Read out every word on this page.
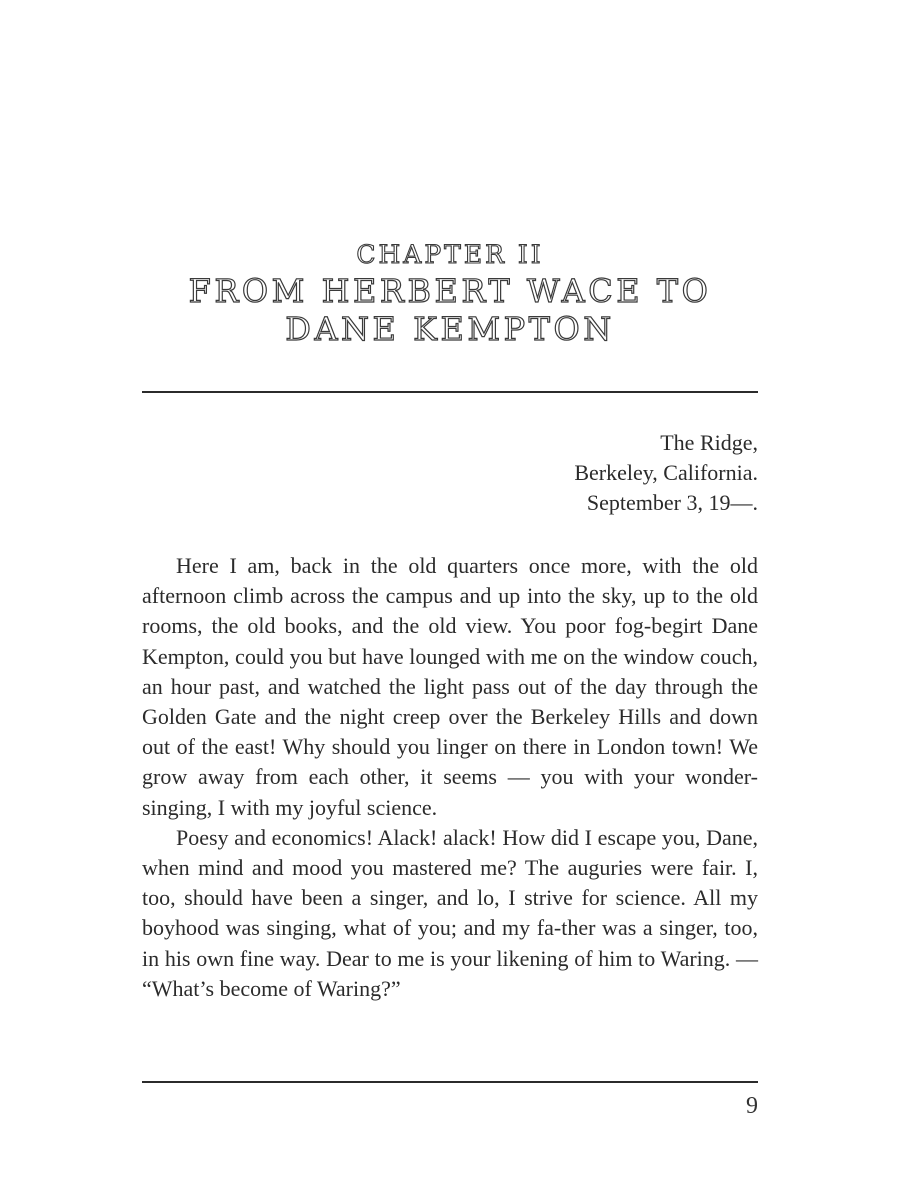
CHAPTER II
FROM HERBERT WACE TO
DANE KEMPTON
The Ridge,
Berkeley, California.
September 3, 19—.

Here I am, back in the old quarters once more, with the old afternoon climb across the campus and up into the sky, up to the old rooms, the old books, and the old view. You poor fog-begirt Dane Kempton, could you but have lounged with me on the window couch, an hour past, and watched the light pass out of the day through the Golden Gate and the night creep over the Berkeley Hills and down out of the east! Why should you linger on there in London town! We grow away from each other, it seems — you with your wonder-singing, I with my joyful science.

Poesy and economics! Alack! alack! How did I escape you, Dane, when mind and mood you mastered me? The auguries were fair. I, too, should have been a singer, and lo, I strive for science. All my boyhood was singing, what of you; and my fa-ther was a singer, too, in his own fine way. Dear to me is your likening of him to Waring. — “What’s become of Waring?”

9
